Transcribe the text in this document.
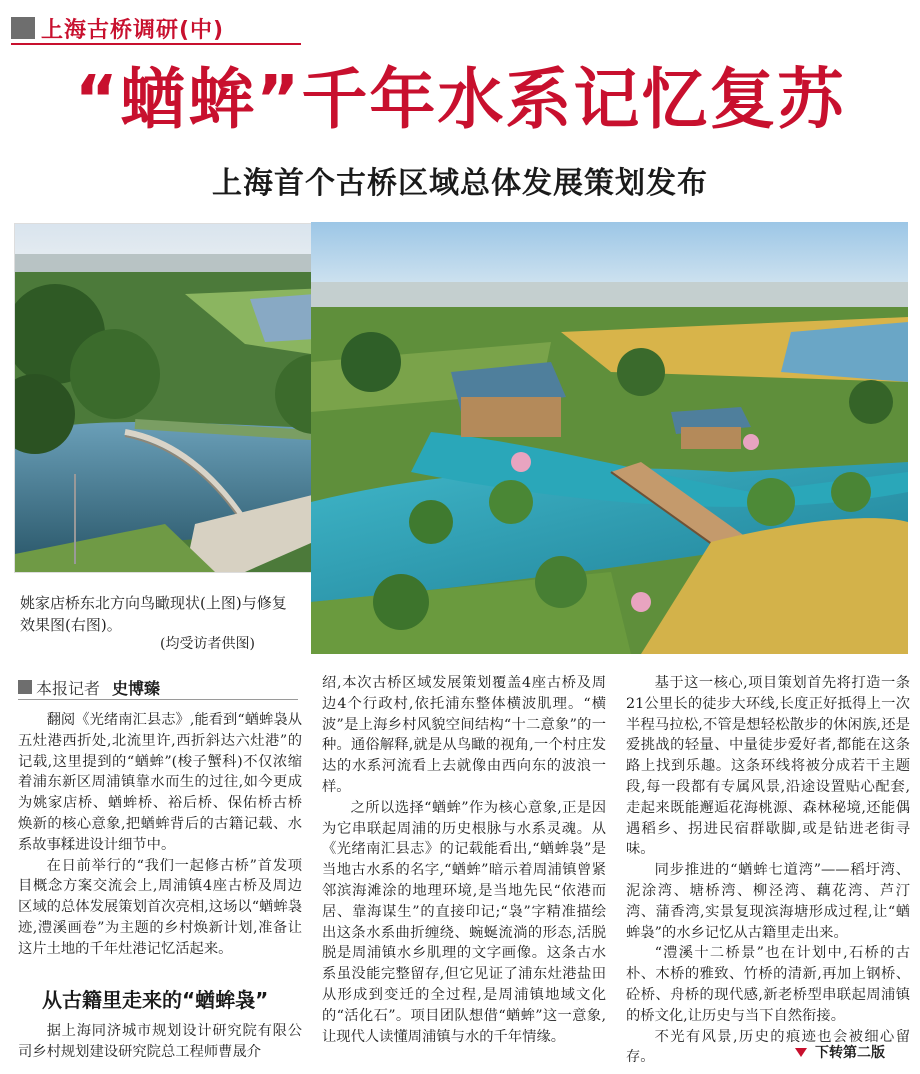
上海古桥调研(中)
“蝤蛑”千年水系记忆复苏
上海首个古桥区域总体发展策划发布
姚家店桥东北方向鸟瞰现状(上图)与修复效果图(右图)。
(均受访者供图)
本报记者 史博臻

翻阅《光绪南汇县志》,能看到“蝤蛑袅从五灶港西折处,北流里许,西折斜达六灶港”的记载,这里提到的“蝤蛑”(梭子蟹科)不仅浓缩着浦东新区周浦镇靠水而生的过往,如今更成为姚家店桥、蝤蛑桥、裕后桥、保佑桥古桥焕新的核心意象,把蝤蛑背后的古籍记载、水系故事糅进设计细节中。

在日前举行的“我们一起修古桥”首发项目概念方案交流会上,周浦镇4座古桥及周边区域的总体发展策划首次亮相,这场以“蝤蛑袅迹,澧溪画卷”为主题的乡村焕新计划,准备让这片土地的千年灶港记忆活起来。

从古籍里走来的“蝤蛑袅”

据上海同济城市规划设计研究院有限公司乡村规划建设研究院总工程师曹晟介

绍,本次古桥区域发展策划覆盖4座古桥及周边4个行政村,依托浦东整体横波肌理。“横波”是上海乡村风貌空间结构“十二意象”的一种。通俗解释,就是从鸟瞰的视角,一个村庄发达的水系河流看上去就像由西向东的波浪一样。

之所以选择“蝤蛑”作为核心意象,正是因为它串联起周浦的历史根脉与水系灵魂。从《光绪南汇县志》的记载能看出,“蝤蛑袅”是当地古水系的名字,“蝤蛑”暗示着周浦镇曾紧邻滨海滩涂的地理环境,是当地先民“依港而居、靠海谋生”的直接印记;“袅”字精准描绘出这条水系曲折缠绕、蜿蜒流淌的形态,活脱脱是周浦镇水乡肌理的文字画像。这条古水系虽没能完整留存,但它见证了浦东灶港盐田从形成到变迁的全过程,是周浦镇地域文化的“活化石”。项目团队想借“蝤蛑”这一意象,让现代人读懂周浦镇与水的千年情缘。

基于这一核心,项目策划首先将打造一条21公里长的徒步大环线,长度正好抵得上一次半程马拉松,不管是想轻松散步的休闲族,还是爱挑战的轻量、中量徒步爱好者,都能在这条路上找到乐趣。这条环线将被分成若干主题段,每一段都有专属风景,沿途设置贴心配套,走起来既能邂逅花海桃源、森林秘境,还能偶遇稻乡、拐进民宿群歇脚,或是钻进老街寻味。

同步推进的“蝤蛑七道湾”——稻圩湾、泥涂湾、塘桥湾、柳泾湾、藕花湾、芦汀湾、蒲香湾,实景复现滨海塘形成过程,让“蝤蛑袅”的水乡记忆从古籍里走出来。

“澧溪十二桥景”也在计划中,石桥的古朴、木桥的雅致、竹桥的清新,再加上钢桥、砼桥、舟桥的现代感,新老桥型串联起周浦镇的桥文化,让历史与当下自然衔接。

不光有风景,历史的痕迹也会被细心留存。	下转第二版
